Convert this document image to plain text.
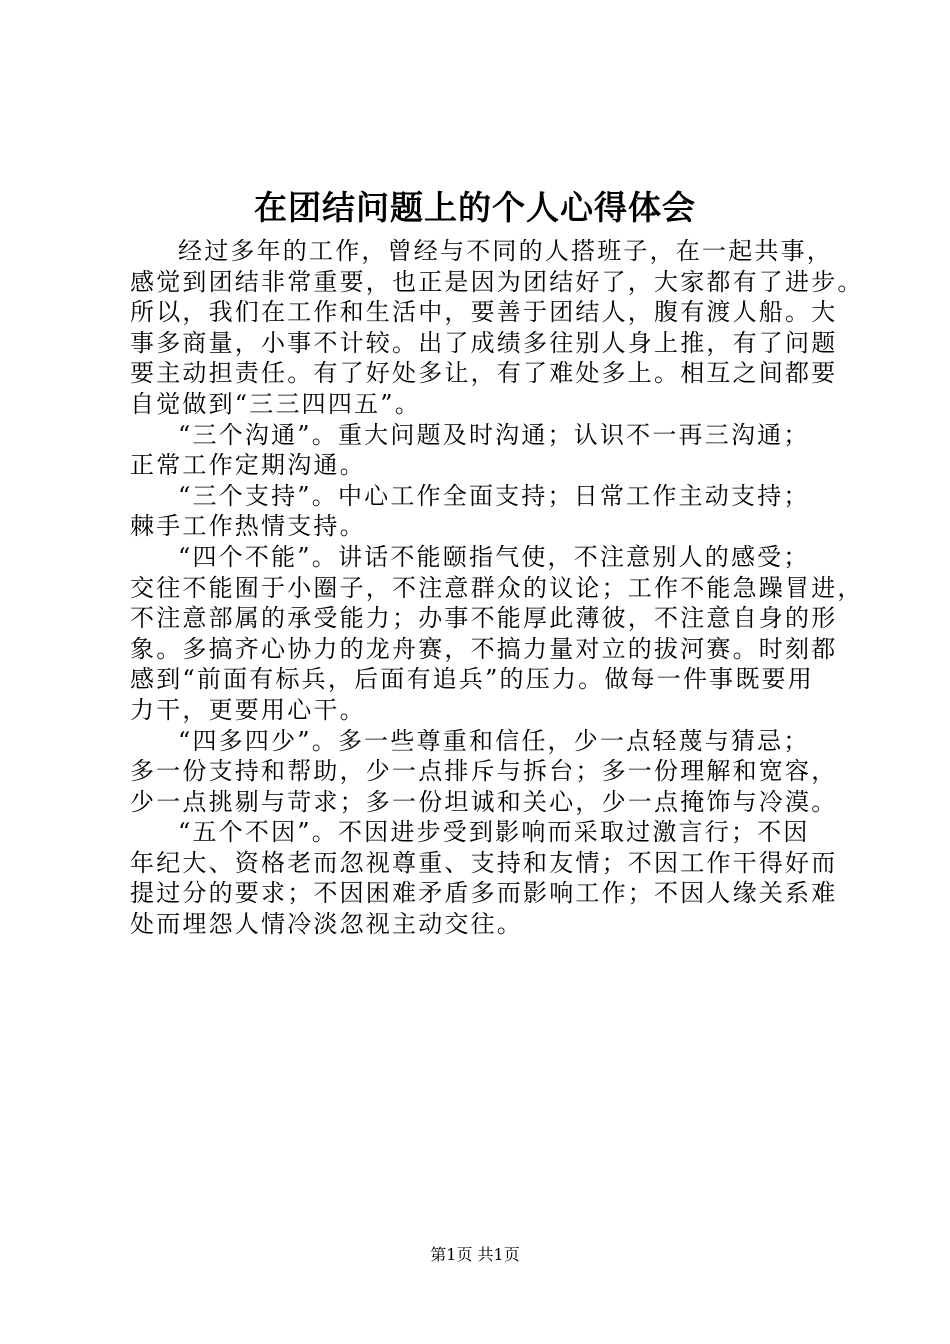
在团结问题上的个人心得体会
经过多年的工作，曾经与不同的人搭班子，在一起共事，
感觉到团结非常重要，也正是因为团结好了，大家都有了进步。
所以，我们在工作和生活中，要善于团结人，腹有渡人船。大
事多商量，小事不计较。出了成绩多往别人身上推，有了问题
要主动担责任。有了好处多让，有了难处多上。相互之间都要
自觉做到“三三四四五”。
“三个沟通”。重大问题及时沟通；认识不一再三沟通；
正常工作定期沟通。
“三个支持”。中心工作全面支持；日常工作主动支持；
棘手工作热情支持。
“四个不能”。讲话不能颐指气使，不注意别人的感受；
交往不能囿于小圈子，不注意群众的议论；工作不能急躁冒进，
不注意部属的承受能力；办事不能厚此薄彼，不注意自身的形
象。多搞齐心协力的龙舟赛，不搞力量对立的拔河赛。时刻都
感到“前面有标兵，后面有追兵”的压力。做每一件事既要用
力干，更要用心干。
“四多四少”。多一些尊重和信任，少一点轻蔑与猜忌；
多一份支持和帮助，少一点排斥与拆台；多一份理解和宽容，
少一点挑剔与苛求；多一份坦诚和关心，少一点掩饰与冷漠。
“五个不因”。不因进步受到影响而采取过激言行；不因
年纪大、资格老而忽视尊重、支持和友情；不因工作干得好而
提过分的要求；不因困难矛盾多而影响工作；不因人缘关系难
处而埋怨人情冷淡忽视主动交往。
第1页 共1页
